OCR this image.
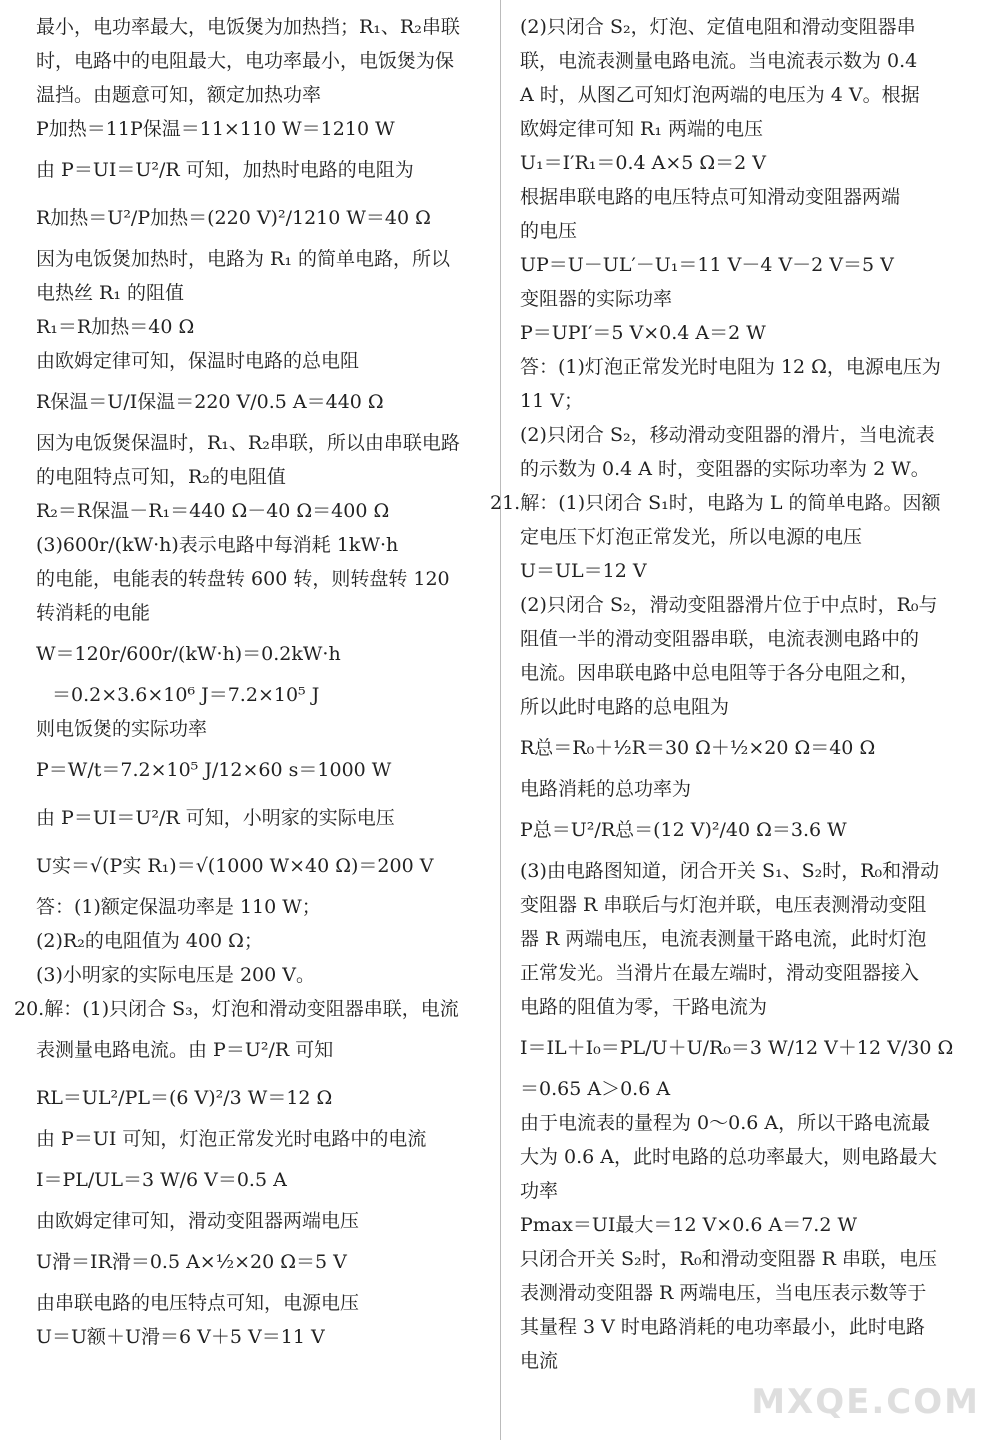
最小，电功率最大，电饭煲为加热挡；R₁、R₂串联
时，电路中的电阻最大，电功率最小，电饭煲为保
温挡。由题意可知，额定加热功率
P加热＝11P保温＝11×110 W＝1210 W
由 P＝UI＝U²/R 可知，加热时电路的电阻为
R加热＝U²/P加热＝(220 V)²/1210 W＝40 Ω
因为电饭煲加热时，电路为 R₁ 的简单电路，所以
电热丝 R₁ 的阻值
R₁＝R加热＝40 Ω
由欧姆定律可知，保温时电路的总电阻
R保温＝U/I保温＝220 V/0.5 A＝440 Ω
因为电饭煲保温时，R₁、R₂串联，所以由串联电路
的电阻特点可知，R₂的电阻值
R₂＝R保温－R₁＝440 Ω－40 Ω＝400 Ω
(3)600r/(kW·h)表示电路中每消耗 1kW·h
的电能，电能表的转盘转 600 转，则转盘转 120
转消耗的电能
W＝120r/600r/(kW·h)＝0.2kW·h
＝0.2×3.6×10⁶ J＝7.2×10⁵ J
则电饭煲的实际功率
P＝W/t＝7.2×10⁵ J/12×60 s＝1000 W
由 P＝UI＝U²/R 可知，小明家的实际电压
U实＝√(P实 R₁)＝√(1000 W×40 Ω)＝200 V
答：(1)额定保温功率是 110 W；
(2)R₂的电阻值为 400 Ω；
(3)小明家的实际电压是 200 V。
20.解：(1)只闭合 S₃，灯泡和滑动变阻器串联，电流
表测量电路电流。由 P＝U²/R 可知
RL＝UL²/PL＝(6 V)²/3 W＝12 Ω
由 P＝UI 可知，灯泡正常发光时电路中的电流
I＝PL/UL＝3 W/6 V＝0.5 A
由欧姆定律可知，滑动变阻器两端电压
U滑＝IR滑＝0.5 A×½×20 Ω＝5 V
由串联电路的电压特点可知，电源电压
U＝U额＋U滑＝6 V＋5 V＝11 V
(2)只闭合 S₂，灯泡、定值电阻和滑动变阻器串
联，电流表测量电路电流。当电流表示数为 0.4
A 时，从图乙可知灯泡两端的电压为 4 V。根据
欧姆定律可知 R₁ 两端的电压
U₁＝I′R₁＝0.4 A×5 Ω＝2 V
根据串联电路的电压特点可知滑动变阻器两端
的电压
UP＝U－UL′－U₁＝11 V－4 V－2 V＝5 V
变阻器的实际功率
P＝UPI′＝5 V×0.4 A＝2 W
答：(1)灯泡正常发光时电阻为 12 Ω，电源电压为
11 V；
(2)只闭合 S₂，移动滑动变阻器的滑片，当电流表
的示数为 0.4 A 时，变阻器的实际功率为 2 W。
21.解：(1)只闭合 S₁时，电路为 L 的简单电路。因额
定电压下灯泡正常发光，所以电源的电压
U＝UL＝12 V
(2)只闭合 S₂，滑动变阻器滑片位于中点时，R₀与
阻值一半的滑动变阻器串联，电流表测电路中的
电流。因串联电路中总电阻等于各分电阻之和，
所以此时电路的总电阻为
R总＝R₀＋½R＝30 Ω＋½×20 Ω＝40 Ω
电路消耗的总功率为
P总＝U²/R总＝(12 V)²/40 Ω＝3.6 W
(3)由电路图知道，闭合开关 S₁、S₂时，R₀和滑动
变阻器 R 串联后与灯泡并联，电压表测滑动变阻
器 R 两端电压，电流表测量干路电流，此时灯泡
正常发光。当滑片在最左端时，滑动变阻器接入
电路的阻值为零，干路电流为
I＝IL＋I₀＝PL/U＋U/R₀＝3 W/12 V＋12 V/30 Ω
＝0.65 A＞0.6 A
由于电流表的量程为 0～0.6 A，所以干路电流最
大为 0.6 A，此时电路的总功率最大，则电路最大
功率
Pmax＝UI最大＝12 V×0.6 A＝7.2 W
只闭合开关 S₂时，R₀和滑动变阻器 R 串联，电压
表测滑动变阻器 R 两端电压，当电压表示数等于
其量程 3 V 时电路消耗的电功率最小，此时电路
电流
MXQE.COM
